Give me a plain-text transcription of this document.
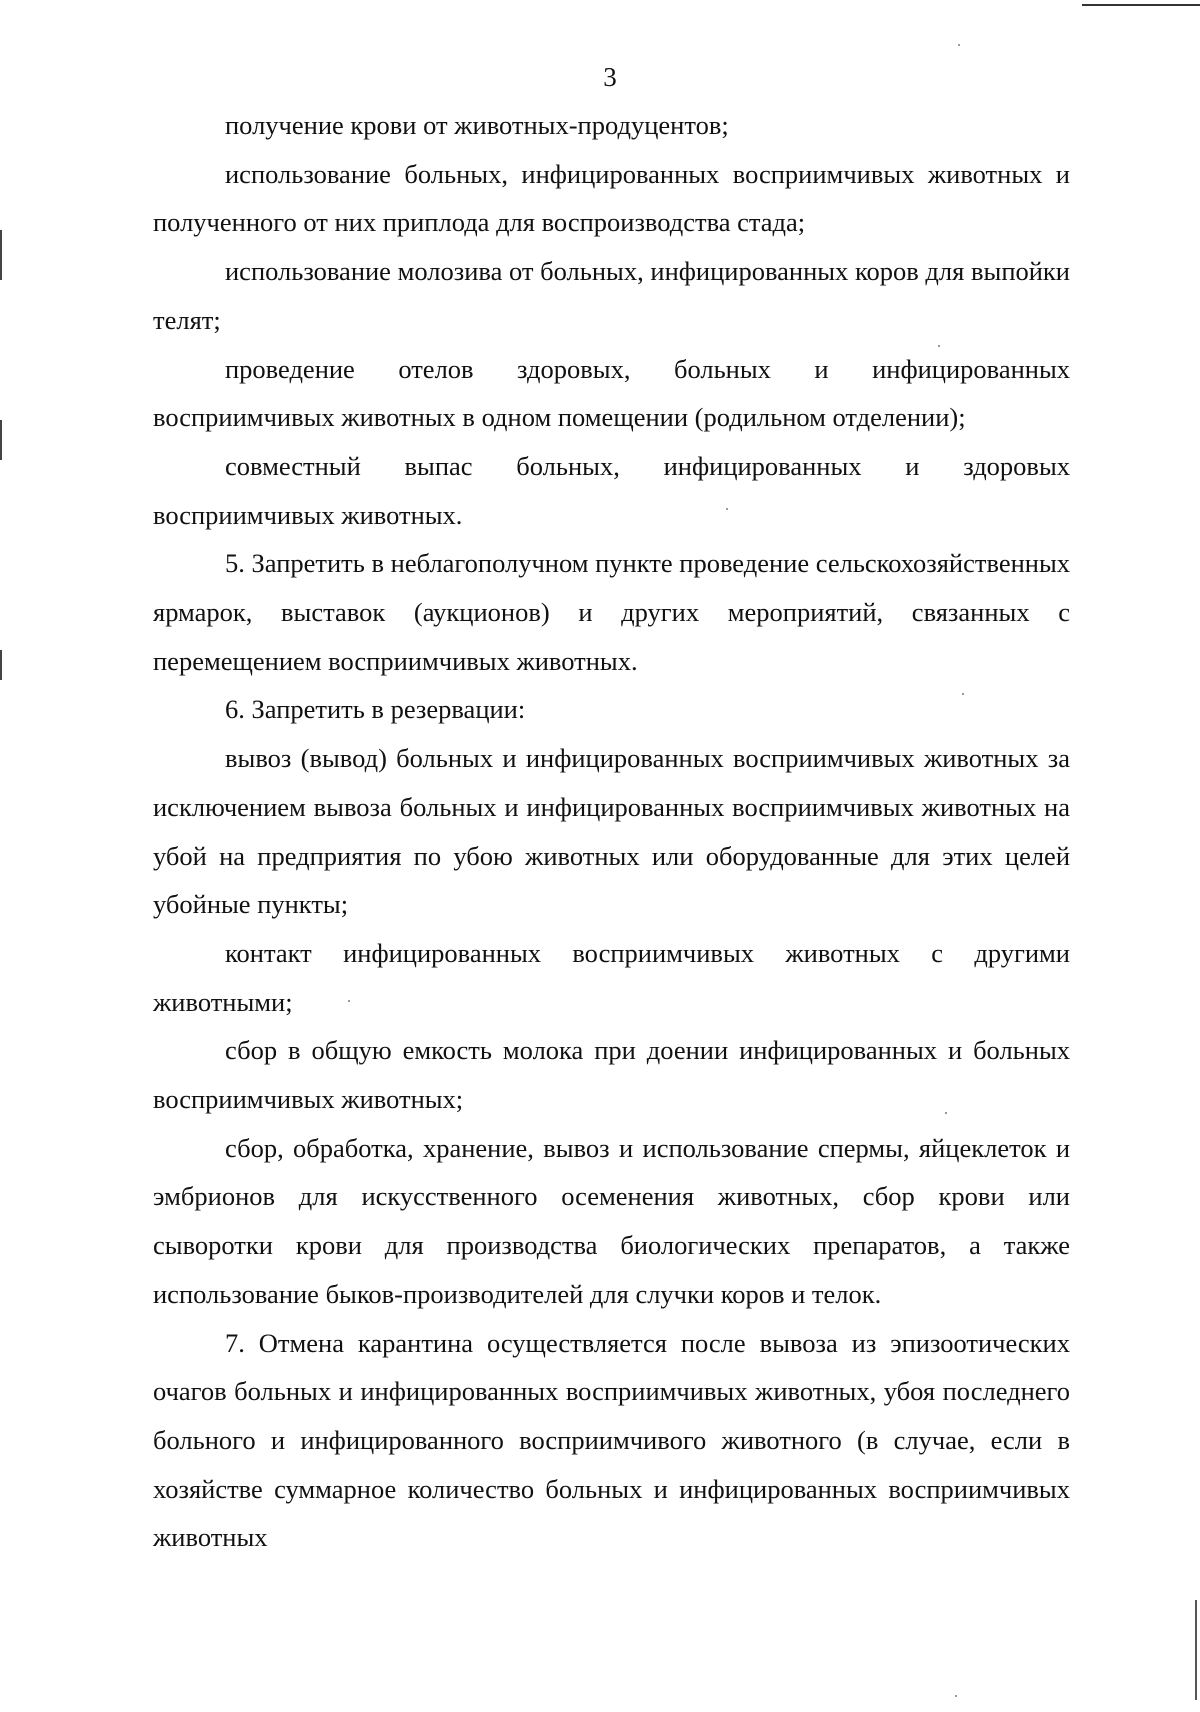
3

получение крови от животных-продуцентов;

использование больных, инфицированных восприимчивых животных и полученного от них приплода для воспроизводства стада;

использование молозива от больных, инфицированных коров для выпойки телят;

проведение отелов здоровых, больных и инфицированных восприимчивых животных в одном помещении (родильном отделении);

совместный выпас больных, инфицированных и здоровых восприимчивых животных.

5. Запретить в неблагополучном пункте проведение сельскохозяйственных ярмарок, выставок (аукционов) и других мероприятий, связанных с перемещением восприимчивых животных.

6. Запретить в резервации:

вывоз (вывод) больных и инфицированных восприимчивых животных за исключением вывоза больных и инфицированных восприимчивых животных на убой на предприятия по убою животных или оборудованные для этих целей убойные пункты;

контакт инфицированных восприимчивых животных с другими животными;

сбор в общую емкость молока при доении инфицированных и больных восприимчивых животных;

сбор, обработка, хранение, вывоз и использование спермы, яйцеклеток и эмбрионов для искусственного осеменения животных, сбор крови или сыворотки крови для производства биологических препаратов, а также использование быков-производителей для случки коров и телок.

7. Отмена карантина осуществляется после вывоза из эпизоотических очагов больных и инфицированных восприимчивых животных, убоя последнего больного и инфицированного восприимчивого животного (в случае, если в хозяйстве суммарное количество больных и инфицированных восприимчивых животных
